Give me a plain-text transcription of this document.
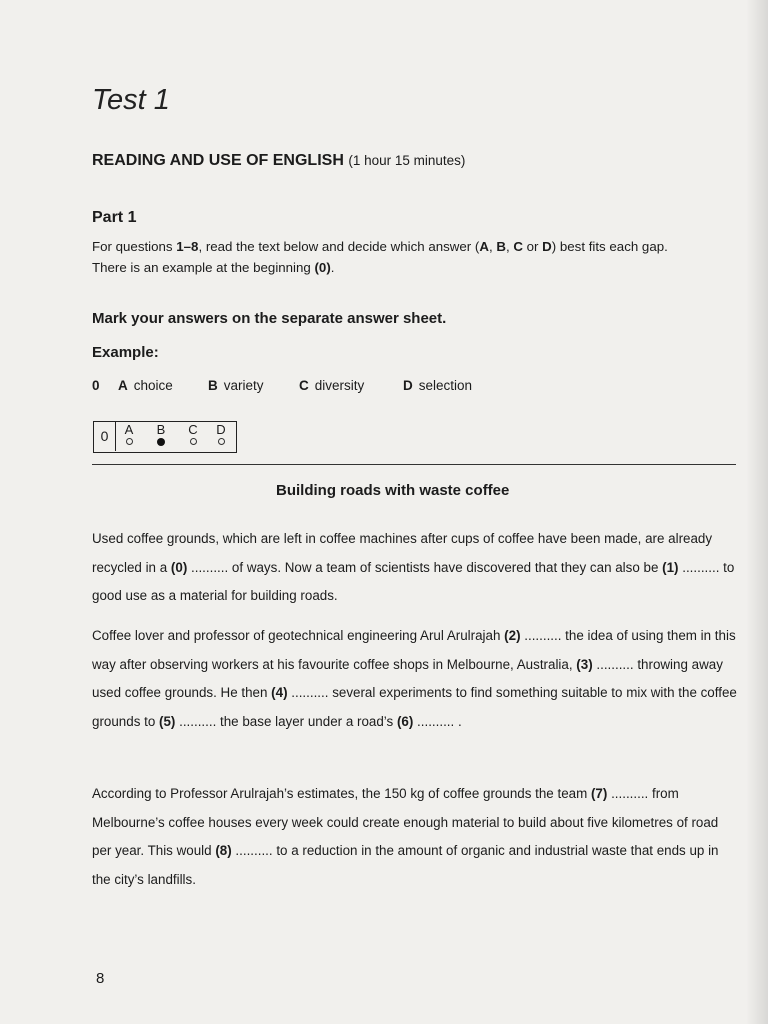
Test 1
READING AND USE OF ENGLISH (1 hour 15 minutes)
Part 1
For questions 1–8, read the text below and decide which answer (A, B, C or D) best fits each gap.
There is an example at the beginning (0).
Mark your answers on the separate answer sheet.
Example:
0	A choice	B variety	C diversity	D selection
0	A	B	C	D
Building roads with waste coffee
Used coffee grounds, which are left in coffee machines after cups of coffee have been made, are already recycled in a (0) .......... of ways. Now a team of scientists have discovered that they can also be (1) .......... to good use as a material for building roads.
Coffee lover and professor of geotechnical engineering Arul Arulrajah (2) .......... the idea of using them in this way after observing workers at his favourite coffee shops in Melbourne, Australia, (3) .......... throwing away used coffee grounds. He then (4) .......... several experiments to find something suitable to mix with the coffee grounds to (5) .......... the base layer under a road’s (6) .......... .
According to Professor Arulrajah’s estimates, the 150 kg of coffee grounds the team (7) .......... from Melbourne’s coffee houses every week could create enough material to build about five kilometres of road per year. This would (8) .......... to a reduction in the amount of organic and industrial waste that ends up in the city’s landfills.
8
